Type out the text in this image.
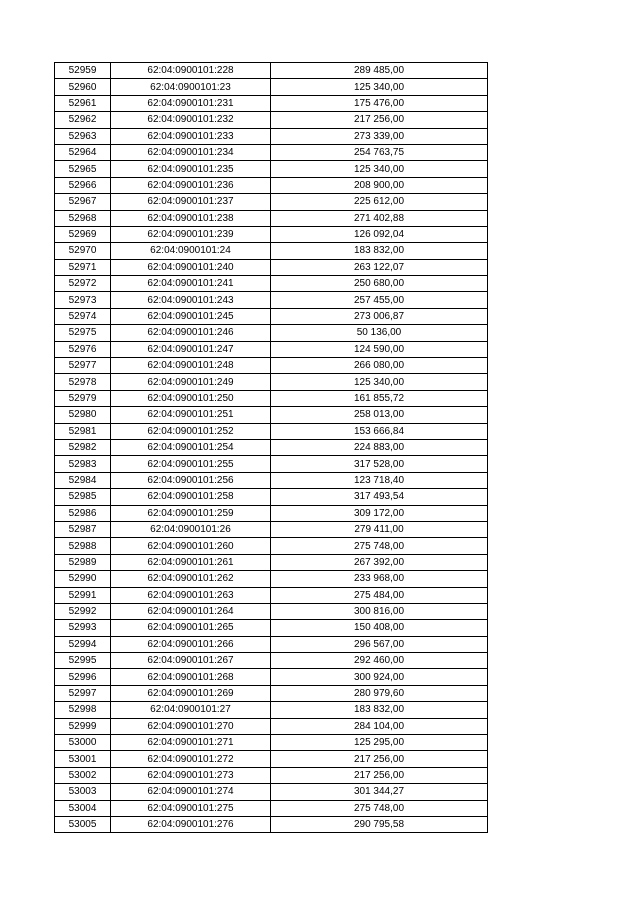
52959	62:04:0900101:228	289 485,00
52960	62:04:0900101:23	125 340,00
52961	62:04:0900101:231	175 476,00
52962	62:04:0900101:232	217 256,00
52963	62:04:0900101:233	273 339,00
52964	62:04:0900101:234	254 763,75
52965	62:04:0900101:235	125 340,00
52966	62:04:0900101:236	208 900,00
52967	62:04:0900101:237	225 612,00
52968	62:04:0900101:238	271 402,88
52969	62:04:0900101:239	126 092,04
52970	62:04:0900101:24	183 832,00
52971	62:04:0900101:240	263 122,07
52972	62:04:0900101:241	250 680,00
52973	62:04:0900101:243	257 455,00
52974	62:04:0900101:245	273 006,87
52975	62:04:0900101:246	50 136,00
52976	62:04:0900101:247	124 590,00
52977	62:04:0900101:248	266 080,00
52978	62:04:0900101:249	125 340,00
52979	62:04:0900101:250	161 855,72
52980	62:04:0900101:251	258 013,00
52981	62:04:0900101:252	153 666,84
52982	62:04:0900101:254	224 883,00
52983	62:04:0900101:255	317 528,00
52984	62:04:0900101:256	123 718,40
52985	62:04:0900101:258	317 493,54
52986	62:04:0900101:259	309 172,00
52987	62:04:0900101:26	279 411,00
52988	62:04:0900101:260	275 748,00
52989	62:04:0900101:261	267 392,00
52990	62:04:0900101:262	233 968,00
52991	62:04:0900101:263	275 484,00
52992	62:04:0900101:264	300 816,00
52993	62:04:0900101:265	150 408,00
52994	62:04:0900101:266	296 567,00
52995	62:04:0900101:267	292 460,00
52996	62:04:0900101:268	300 924,00
52997	62:04:0900101:269	280 979,60
52998	62:04:0900101:27	183 832,00
52999	62:04:0900101:270	284 104,00
53000	62:04:0900101:271	125 295,00
53001	62:04:0900101:272	217 256,00
53002	62:04:0900101:273	217 256,00
53003	62:04:0900101:274	301 344,27
53004	62:04:0900101:275	275 748,00
53005	62:04:0900101:276	290 795,58
